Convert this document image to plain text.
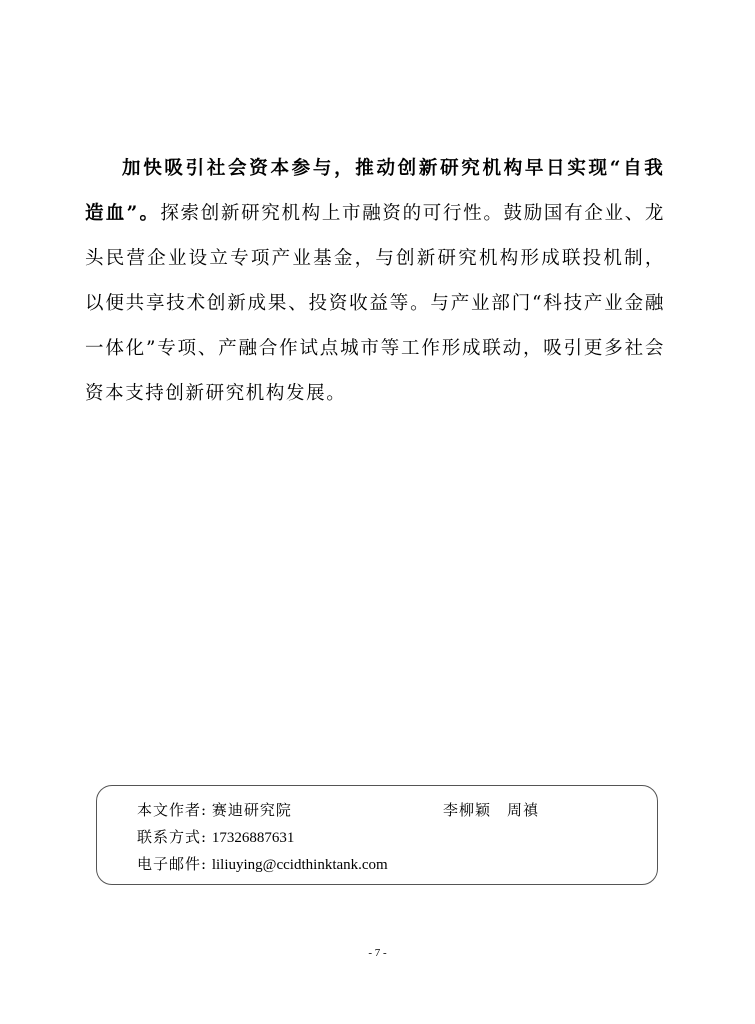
加快吸引社会资本参与，推动创新研究机构早日实现“自我造血”。探索创新研究机构上市融资的可行性。鼓励国有企业、龙头民营企业设立专项产业基金，与创新研究机构形成联投机制，以便共享技术创新成果、投资收益等。与产业部门“科技产业金融一体化”专项、产融合作试点城市等工作形成联动，吸引更多社会资本支持创新研究机构发展。
本文作者: 赛迪研究院	李柳颖　周禛
联系方式: 17326887631
电子邮件: liliuying@ccidthinktank.com
- 7 -
